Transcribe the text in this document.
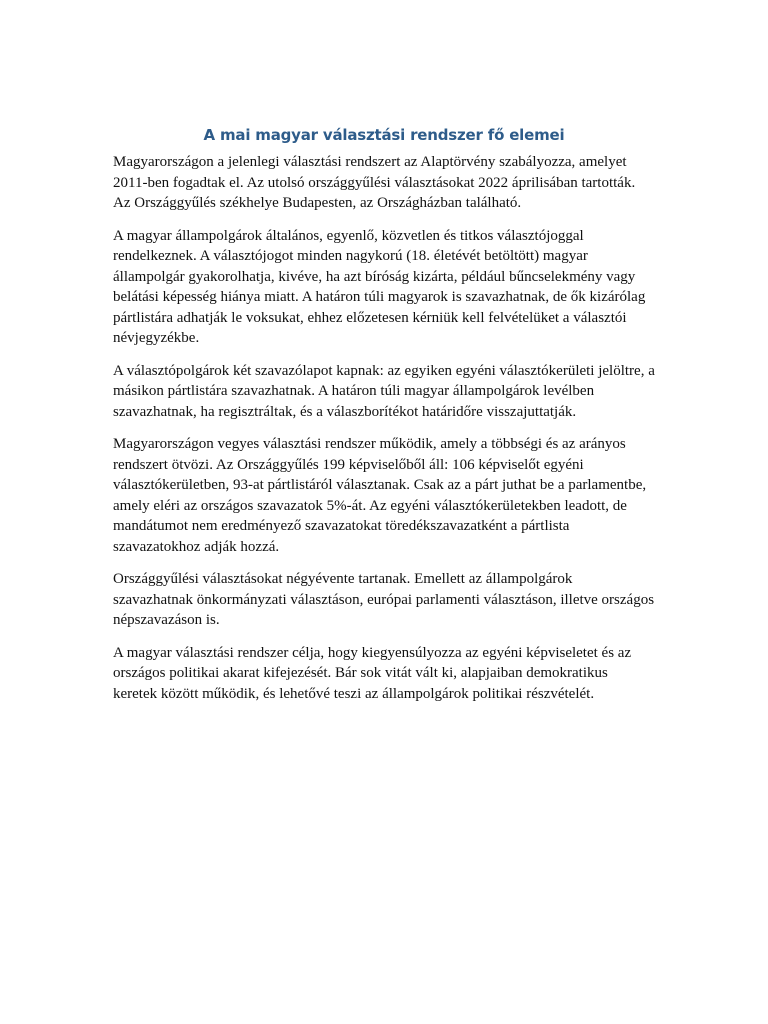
A mai magyar választási rendszer fő elemei

Magyarországon a jelenlegi választási rendszert az Alaptörvény szabályozza, amelyet 2011-ben fogadtak el. Az utolsó országgyűlési választásokat 2022 áprilisában tartották. Az Országgyűlés székhelye Budapesten, az Országházban található.

A magyar állampolgárok általános, egyenlő, közvetlen és titkos választójoggal rendelkeznek. A választójogot minden nagykorú (18. életévét betöltött) magyar állampolgár gyakorolhatja, kivéve, ha azt bíróság kizárta, például bűncselekmény vagy belátási képesség hiánya miatt. A határon túli magyarok is szavazhatnak, de ők kizárólag pártlistára adhatják le voksukat, ehhez előzetesen kérniük kell felvételüket a választói névjegyzékbe.

A választópolgárok két szavazólapot kapnak: az egyiken egyéni választókerületi jelöltre, a másikon pártlistára szavazhatnak. A határon túli magyar állampolgárok levélben szavazhatnak, ha regisztráltak, és a válaszborítékot határidőre visszajuttatják.

Magyarországon vegyes választási rendszer működik, amely a többségi és az arányos rendszert ötvözi. Az Országgyűlés 199 képviselőből áll: 106 képviselőt egyéni választókerületben, 93-at pártlistáról választanak. Csak az a párt juthat be a parlamentbe, amely eléri az országos szavazatok 5%-át. Az egyéni választókerületekben leadott, de mandátumot nem eredményező szavazatokat töredékszavazatként a pártlista szavazatokhoz adják hozzá.

Országgyűlési választásokat négyévente tartanak. Emellett az állampolgárok szavazhatnak önkormányzati választáson, európai parlamenti választáson, illetve országos népszavazáson is.

A magyar választási rendszer célja, hogy kiegyensúlyozza az egyéni képviseletet és az országos politikai akarat kifejezését. Bár sok vitát vált ki, alapjaiban demokratikus keretek között működik, és lehetővé teszi az állampolgárok politikai részvételét.
